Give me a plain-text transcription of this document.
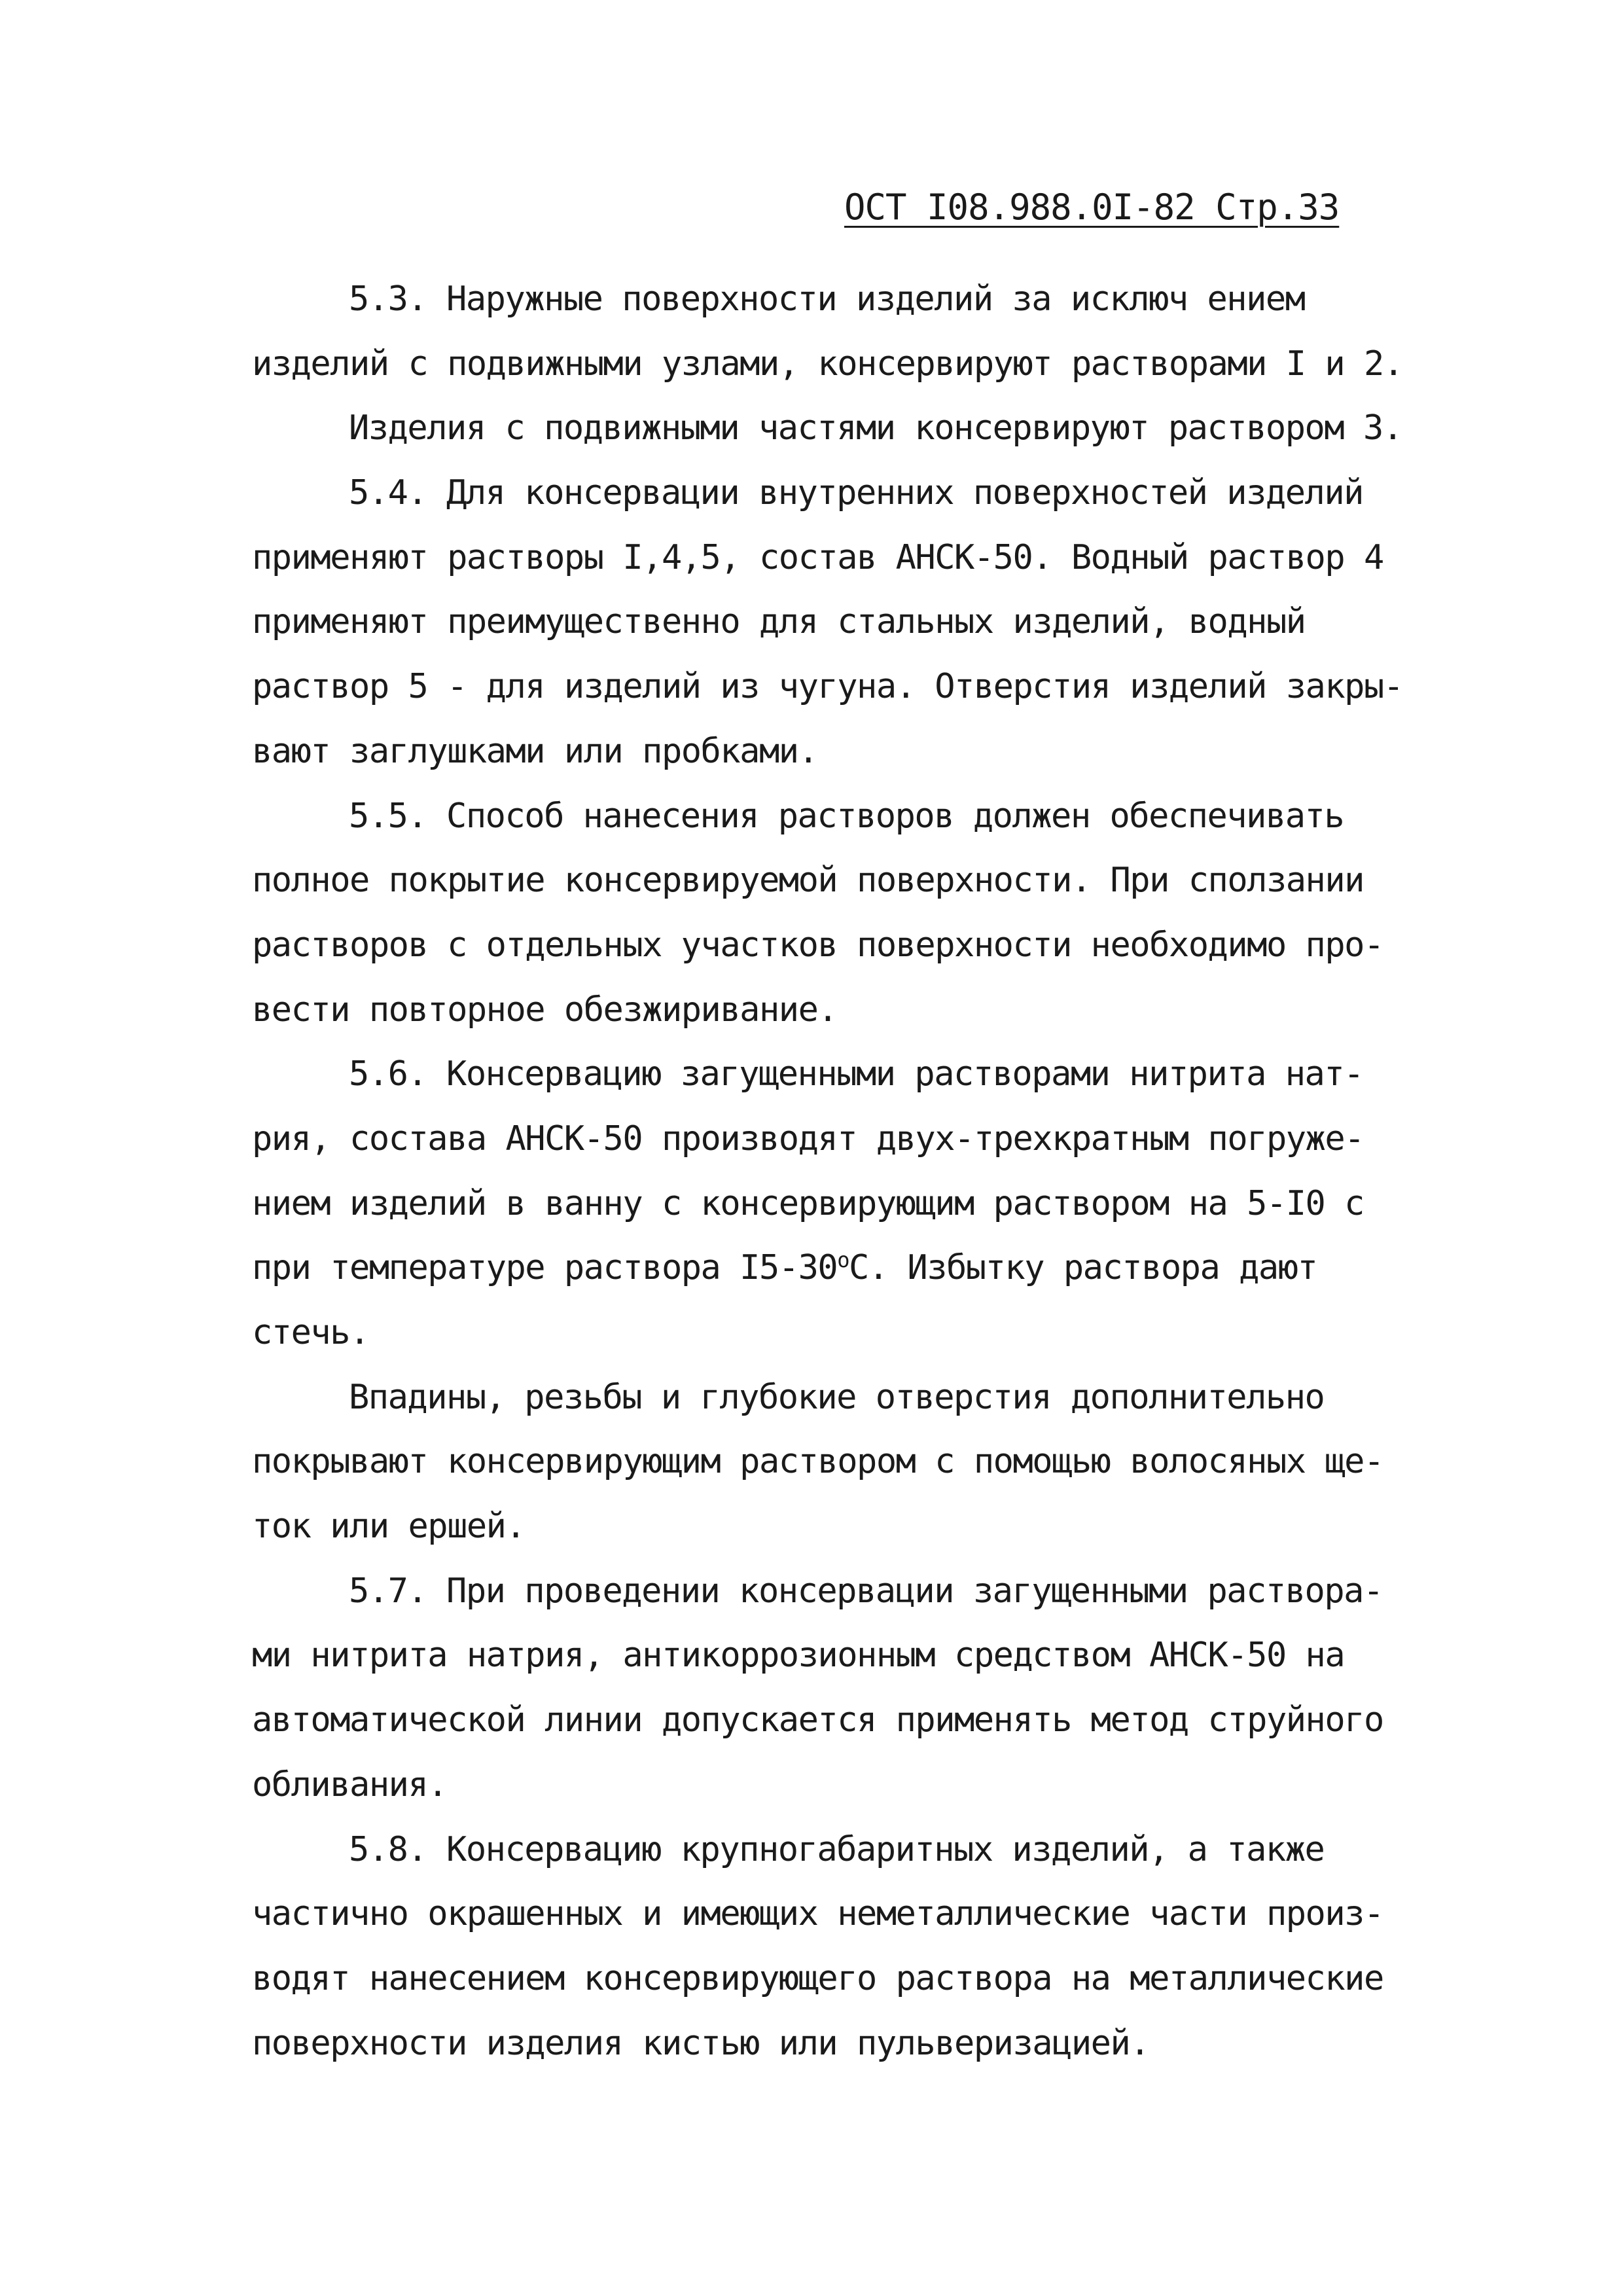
ОСТ I08.988.0I-82 Стр.33
5.3. Наружные поверхности изделий за исключ ением
изделий с подвижными узлами, консервируют растворами I и 2.
Изделия с подвижными частями консервируют раствором 3.
5.4. Для консервации внутренних поверхностей изделий
применяют растворы I,4,5, состав АНСК-50. Водный раствор 4
применяют преимущественно для стальных изделий, водный
раствор 5 - для изделий из чугуна. Отверстия изделий закры-
вают заглушками или пробками.
5.5. Способ нанесения растворов должен обеспечивать
полное покрытие консервируемой поверхности. При сползании
растворов с отдельных участков поверхности необходимо про-
вести повторное обезжиривание.
5.6. Консервацию загущенными растворами нитрита нат-
рия, состава АНСК-50 производят двух-трехкратным погруже-
нием изделий в ванну с консервирующим раствором на 5-I0 с
при температуре раствора I5-30$^o$С. Избытку раствора дают
стечь.
Впадины, резьбы и глубокие отверстия дополнительно
покрывают консервирующим раствором с помощью волосяных ще-
ток или ершей.
5.7. При проведении консервации загущенными раствора-
ми нитрита натрия, антикоррозионным средством АНСК-50 на
автоматической линии допускается применять метод струйного
обливания.
5.8. Консервацию крупногабаритных изделий, а также
частично окрашенных и имеющих неметаллические части произ-
водят нанесением консервирующего раствора на металлические
поверхности изделия кистью или пульверизацией.
